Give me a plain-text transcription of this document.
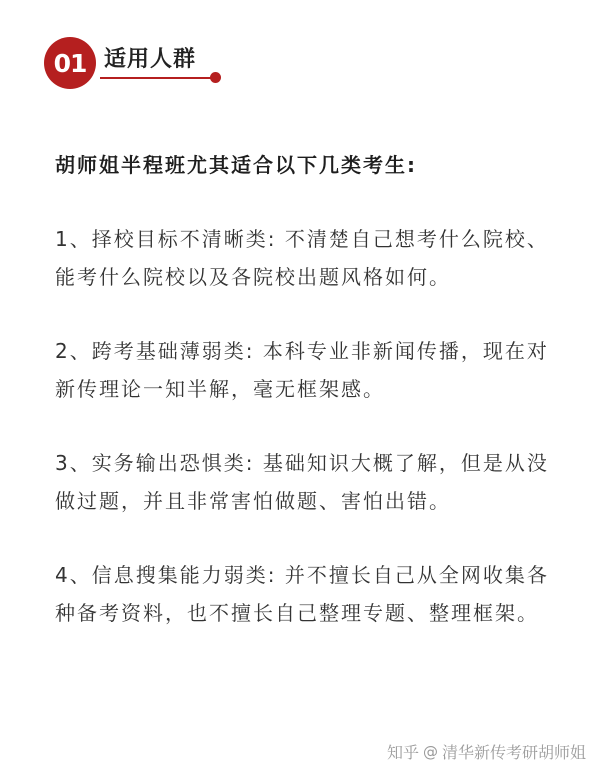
01 适用人群

胡师姐半程班尤其适合以下几类考生:

1、择校目标不清晰类: 不清楚自己想考什么院校、能考什么院校以及各院校出题风格如何。

2、跨考基础薄弱类: 本科专业非新闻传播，现在对新传理论一知半解，毫无框架感。

3、实务输出恐惧类: 基础知识大概了解，但是从没做过题，并且非常害怕做题、害怕出错。

4、信息搜集能力弱类: 并不擅长自己从全网收集各种备考资料，也不擅长自己整理专题、整理框架。

知乎 @ 清华新传考研胡师姐
